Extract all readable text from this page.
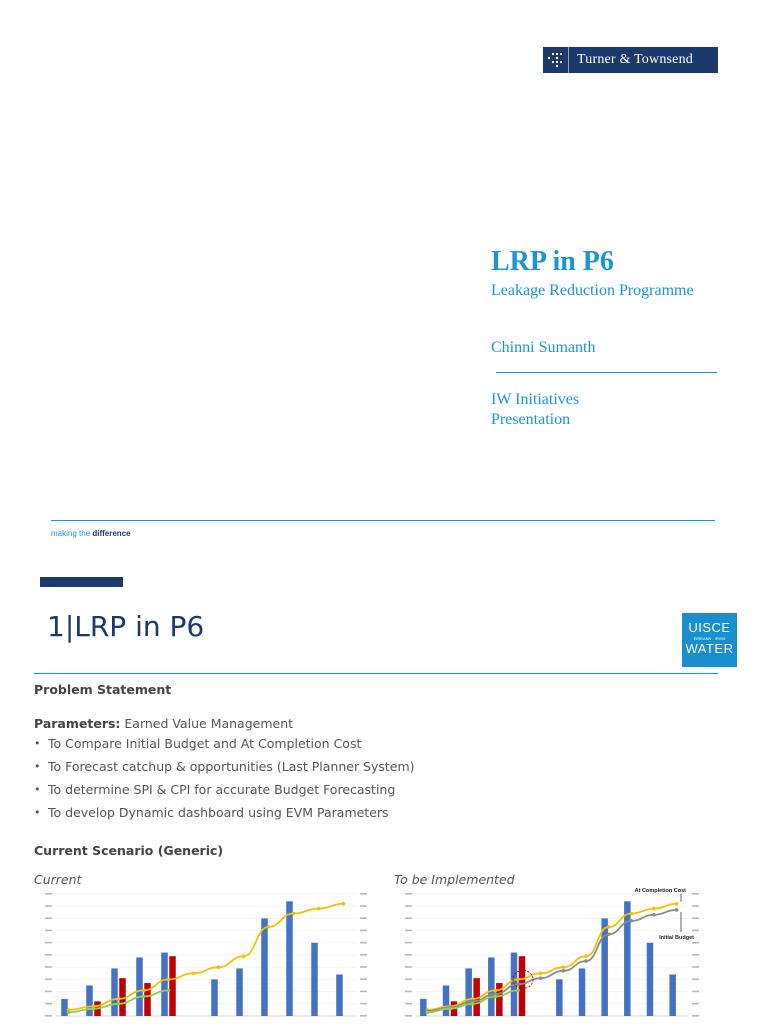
Turner & Townsend
LRP in P6
Leakage Reduction Programme
Chinni Sumanth
IW Initiatives
Presentation
making the difference
1|LRP in P6	UISCE
ÉIREANN : IRISH
WATER
Problem Statement
Parameters: Earned Value Management
• To Compare Initial Budget and At Completion Cost
• To Forecast catchup & opportunities (Last Planner System)
• To determine SPI & CPI for accurate Budget Forecasting
• To develop Dynamic dashboard using EVM Parameters
Current Scenario (Generic)
Current	To be Implemented
At Completion Cost
Initial Budget
